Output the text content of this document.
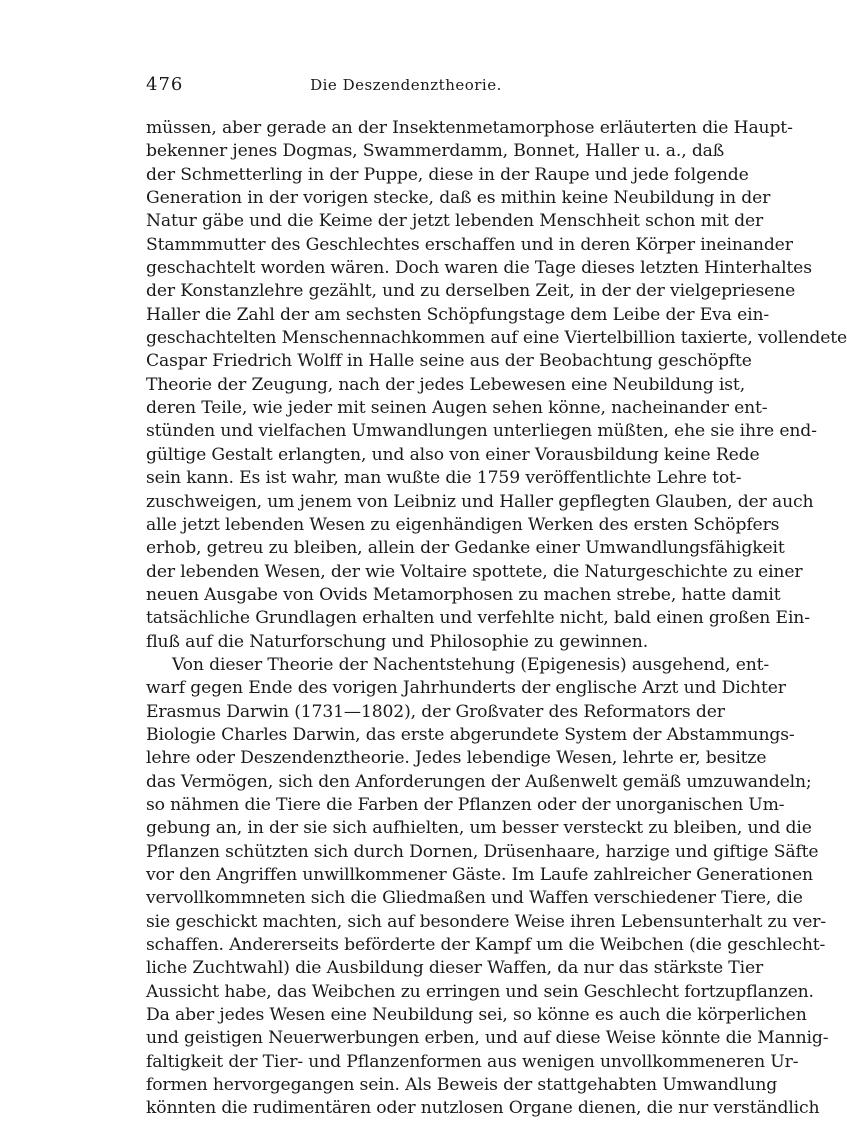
476	Die Deszendenztheorie.
müssen, aber gerade an der Insektenmetamorphose erläuterten die Haupt-
bekenner jenes Dogmas, Swammerdamm, Bonnet, Haller u. a., daß
der Schmetterling in der Puppe, diese in der Raupe und jede folgende
Generation in der vorigen stecke, daß es mithin keine Neubildung in der
Natur gäbe und die Keime der jetzt lebenden Menschheit schon mit der
Stammmutter des Geschlechtes erschaffen und in deren Körper ineinander
geschachtelt worden wären. Doch waren die Tage dieses letzten Hinterhaltes
der Konstanzlehre gezählt, und zu derselben Zeit, in der der vielgepriesene
Haller die Zahl der am sechsten Schöpfungstage dem Leibe der Eva ein-
geschachtelten Menschennachkommen auf eine Viertelbillion taxierte, vollendete
Caspar Friedrich Wolff in Halle seine aus der Beobachtung geschöpfte
Theorie der Zeugung, nach der jedes Lebewesen eine Neubildung ist,
deren Teile, wie jeder mit seinen Augen sehen könne, nacheinander ent-
stünden und vielfachen Umwandlungen unterliegen müßten, ehe sie ihre end-
gültige Gestalt erlangten, und also von einer Vorausbildung keine Rede
sein kann. Es ist wahr, man wußte die 1759 veröffentlichte Lehre tot-
zuschweigen, um jenem von Leibniz und Haller gepflegten Glauben, der auch
alle jetzt lebenden Wesen zu eigenhändigen Werken des ersten Schöpfers
erhob, getreu zu bleiben, allein der Gedanke einer Umwandlungsfähigkeit
der lebenden Wesen, der wie Voltaire spottete, die Naturgeschichte zu einer
neuen Ausgabe von Ovids Metamorphosen zu machen strebe, hatte damit
tatsächliche Grundlagen erhalten und verfehlte nicht, bald einen großen Ein-
fluß auf die Naturforschung und Philosophie zu gewinnen.
Von dieser Theorie der Nachentstehung (Epigenesis) ausgehend, ent-
warf gegen Ende des vorigen Jahrhunderts der englische Arzt und Dichter
Erasmus Darwin (1731—1802), der Großvater des Reformators der
Biologie Charles Darwin, das erste abgerundete System der Abstammungs-
lehre oder Deszendenztheorie. Jedes lebendige Wesen, lehrte er, besitze
das Vermögen, sich den Anforderungen der Außenwelt gemäß umzuwandeln;
so nähmen die Tiere die Farben der Pflanzen oder der unorganischen Um-
gebung an, in der sie sich aufhielten, um besser versteckt zu bleiben, und die
Pflanzen schützten sich durch Dornen, Drüsenhaare, harzige und giftige Säfte
vor den Angriffen unwillkommener Gäste. Im Laufe zahlreicher Generationen
vervollkommneten sich die Gliedmaßen und Waffen verschiedener Tiere, die
sie geschickt machten, sich auf besondere Weise ihren Lebensunterhalt zu ver-
schaffen. Andererseits beförderte der Kampf um die Weibchen (die geschlecht-
liche Zuchtwahl) die Ausbildung dieser Waffen, da nur das stärkste Tier
Aussicht habe, das Weibchen zu erringen und sein Geschlecht fortzupflanzen.
Da aber jedes Wesen eine Neubildung sei, so könne es auch die körperlichen
und geistigen Neuerwerbungen erben, und auf diese Weise könnte die Mannig-
faltigkeit der Tier- und Pflanzenformen aus wenigen unvollkommeneren Ur-
formen hervorgegangen sein. Als Beweis der stattgehabten Umwandlung
könnten die rudimentären oder nutzlosen Organe dienen, die nur verständlich
